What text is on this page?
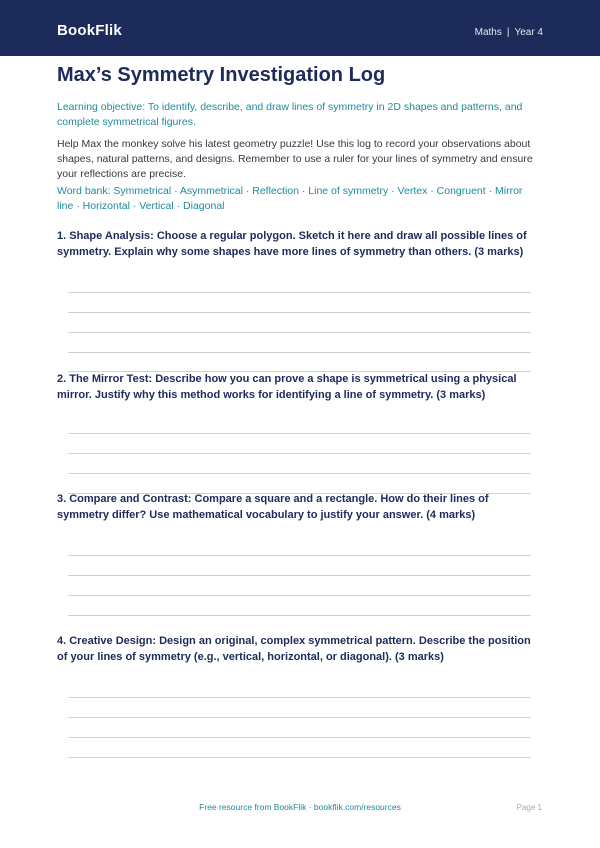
BookFlik	Maths | Year 4
Max’s Symmetry Investigation Log

Learning objective: To identify, describe, and draw lines of symmetry in 2D shapes and patterns, and complete symmetrical figures.

Help Max the monkey solve his latest geometry puzzle! Use this log to record your observations about shapes, natural patterns, and designs. Remember to use a ruler for your lines of symmetry and ensure your reflections are precise.

Word bank: Symmetrical · Asymmetrical · Reflection · Line of symmetry · Vertex · Congruent · Mirror line · Horizontal · Vertical · Diagonal

1. Shape Analysis: Choose a regular polygon. Sketch it here and draw all possible lines of symmetry. Explain why some shapes have more lines of symmetry than others. (3 marks)

2. The Mirror Test: Describe how you can prove a shape is symmetrical using a physical mirror. Justify why this method works for identifying a line of symmetry. (3 marks)

3. Compare and Contrast: Compare a square and a rectangle. How do their lines of symmetry differ? Use mathematical vocabulary to justify your answer. (4 marks)

4. Creative Design: Design an original, complex symmetrical pattern. Describe the position of your lines of symmetry (e.g., vertical, horizontal, or diagonal). (3 marks)

Free resource from BookFlik · bookflik.com/resources	Page 1
